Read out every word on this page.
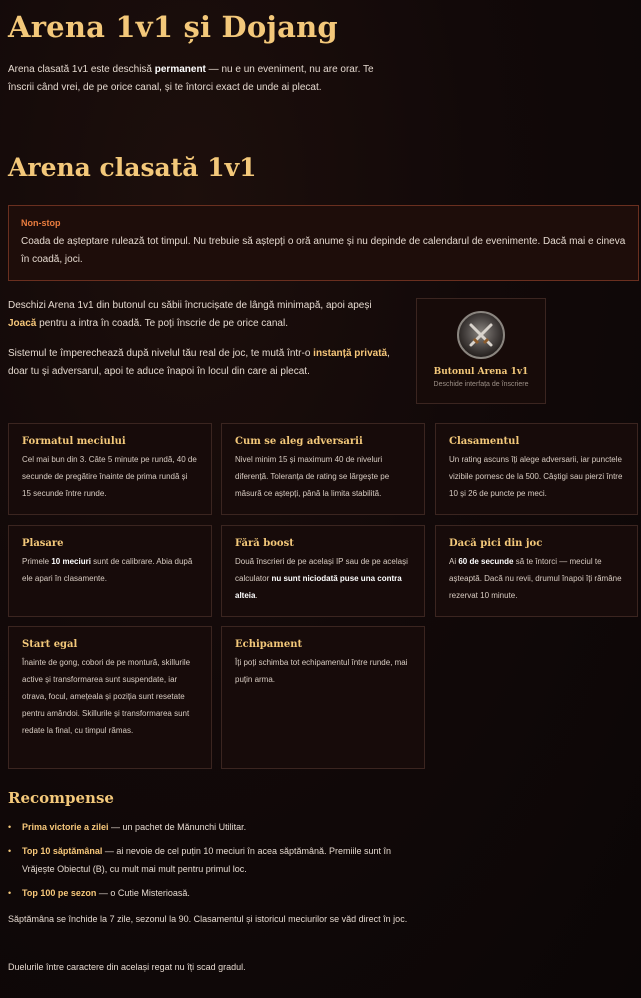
Arena 1v1 și Dojang
Arena clasată 1v1 este deschisă permanent — nu e un eveniment, nu are orar. Te înscrii când vrei, de pe orice canal, și te întorci exact de unde ai plecat.
Arena clasată 1v1
Non-stop
Coada de așteptare rulează tot timpul. Nu trebuie să aștepți o oră anume și nu depinde de calendarul de evenimente. Dacă mai e cineva în coadă, joci.
Deschizi Arena 1v1 din butonul cu săbii încrucișate de lângă minimapă, apoi apeși Joacă pentru a intra în coadă. Te poți înscrie de pe orice canal.
Sistemul te împerechează după nivelul tău real de joc, te mută într-o instanță privată, doar tu și adversarul, apoi te aduce înapoi în locul din care ai plecat.	Butonul Arena 1v1
Deschide interfața de înscriere
Formatul meciului
Cel mai bun din 3. Câte 5 minute pe rundă, 40 de secunde de pregătire înainte de prima rundă și 15 secunde între runde.
Cum se aleg adversarii
Nivel minim 15 și maximum 40 de niveluri diferență. Toleranța de rating se lărgește pe măsură ce aștepți, până la limita stabilită.
Clasamentul
Un rating ascuns îți alege adversarii, iar punctele vizibile pornesc de la 500. Câștigi sau pierzi între 10 și 26 de puncte pe meci.
Plasare
Primele 10 meciuri sunt de calibrare. Abia după ele apari în clasamente.
Fără boost
Două înscrieri de pe același IP sau de pe același calculator nu sunt niciodată puse una contra alteia.
Dacă pici din joc
Ai 60 de secunde să te întorci — meciul te așteaptă. Dacă nu revii, drumul înapoi îți rămâne rezervat 10 minute.
Start egal
Înainte de gong, cobori de pe montură, skillurile active și transformarea sunt suspendate, iar otrava, focul, amețeala și poziția sunt resetate pentru amândoi. Skillurile și transformarea sunt redate la final, cu timpul rămas.
Echipament
Îți poți schimba tot echipamentul între runde, mai puțin arma.
Recompense
• Prima victorie a zilei — un pachet de Mănunchi Utilitar.
• Top 10 săptămânal — ai nevoie de cel puțin 10 meciuri în acea săptămână. Premiile sunt în Vrăjește Obiectul (B), cu mult mai mult pentru primul loc.
• Top 100 pe sezon — o Cutie Misterioasă.
Săptămâna se închide la 7 zile, sezonul la 90. Clasamentul și istoricul meciurilor se văd direct în joc.
Duelurile între caractere din același regat nu îți scad gradul.
